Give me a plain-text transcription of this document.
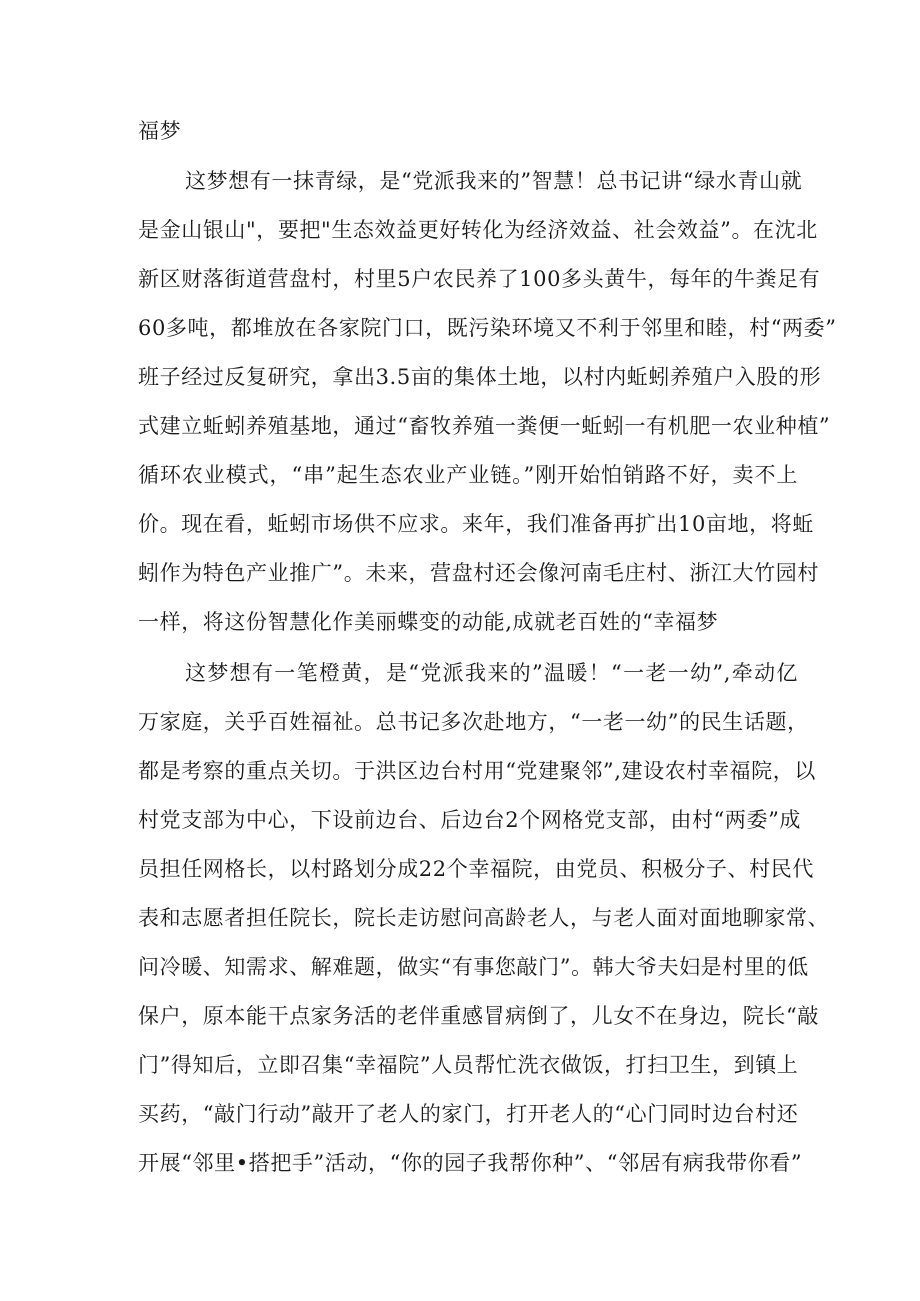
福梦
这梦想有一抹青绿，是“党派我来的”智慧！总书记讲“绿水青山就
是金山银山"，要把"生态效益更好转化为经济效益、社会效益”。在沈北
新区财落街道营盘村，村里5户农民养了100多头黄牛，每年的牛粪足有
60多吨，都堆放在各家院门口，既污染环境又不利于邻里和睦，村“两委”
班子经过反复研究，拿出3.5亩的集体土地，以村内蚯蚓养殖户入股的形
式建立蚯蚓养殖基地，通过“畜牧养殖一粪便一蚯蚓一有机肥一农业种植”
循环农业模式，“串”起生态农业产业链。”刚开始怕销路不好，卖不上
价。现在看，蚯蚓市场供不应求。来年，我们准备再扩出10亩地，将蚯
蚓作为特色产业推广”。未来，营盘村还会像河南毛庄村、浙江大竹园村
一样，将这份智慧化作美丽蝶变的动能,成就老百姓的“幸福梦
这梦想有一笔橙黄，是“党派我来的”温暖！“一老一幼”,牵动亿
万家庭，关乎百姓福祉。总书记多次赴地方，“一老一幼”的民生话题，
都是考察的重点关切。于洪区边台村用“党建聚邻”,建设农村幸福院，以
村党支部为中心，下设前边台、后边台2个网格党支部，由村“两委”成
员担任网格长，以村路划分成22个幸福院，由党员、积极分子、村民代
表和志愿者担任院长，院长走访慰问高龄老人，与老人面对面地聊家常、
问冷暖、知需求、解难题，做实“有事您敲门”。韩大爷夫妇是村里的低
保户，原本能干点家务活的老伴重感冒病倒了，儿女不在身边，院长“敲
门”得知后，立即召集“幸福院”人员帮忙洗衣做饭，打扫卫生，到镇上
买药，“敲门行动”敲开了老人的家门，打开老人的“心门同时边台村还
开展“邻里•搭把手”活动，“你的园子我帮你种”、“邻居有病我带你看”
